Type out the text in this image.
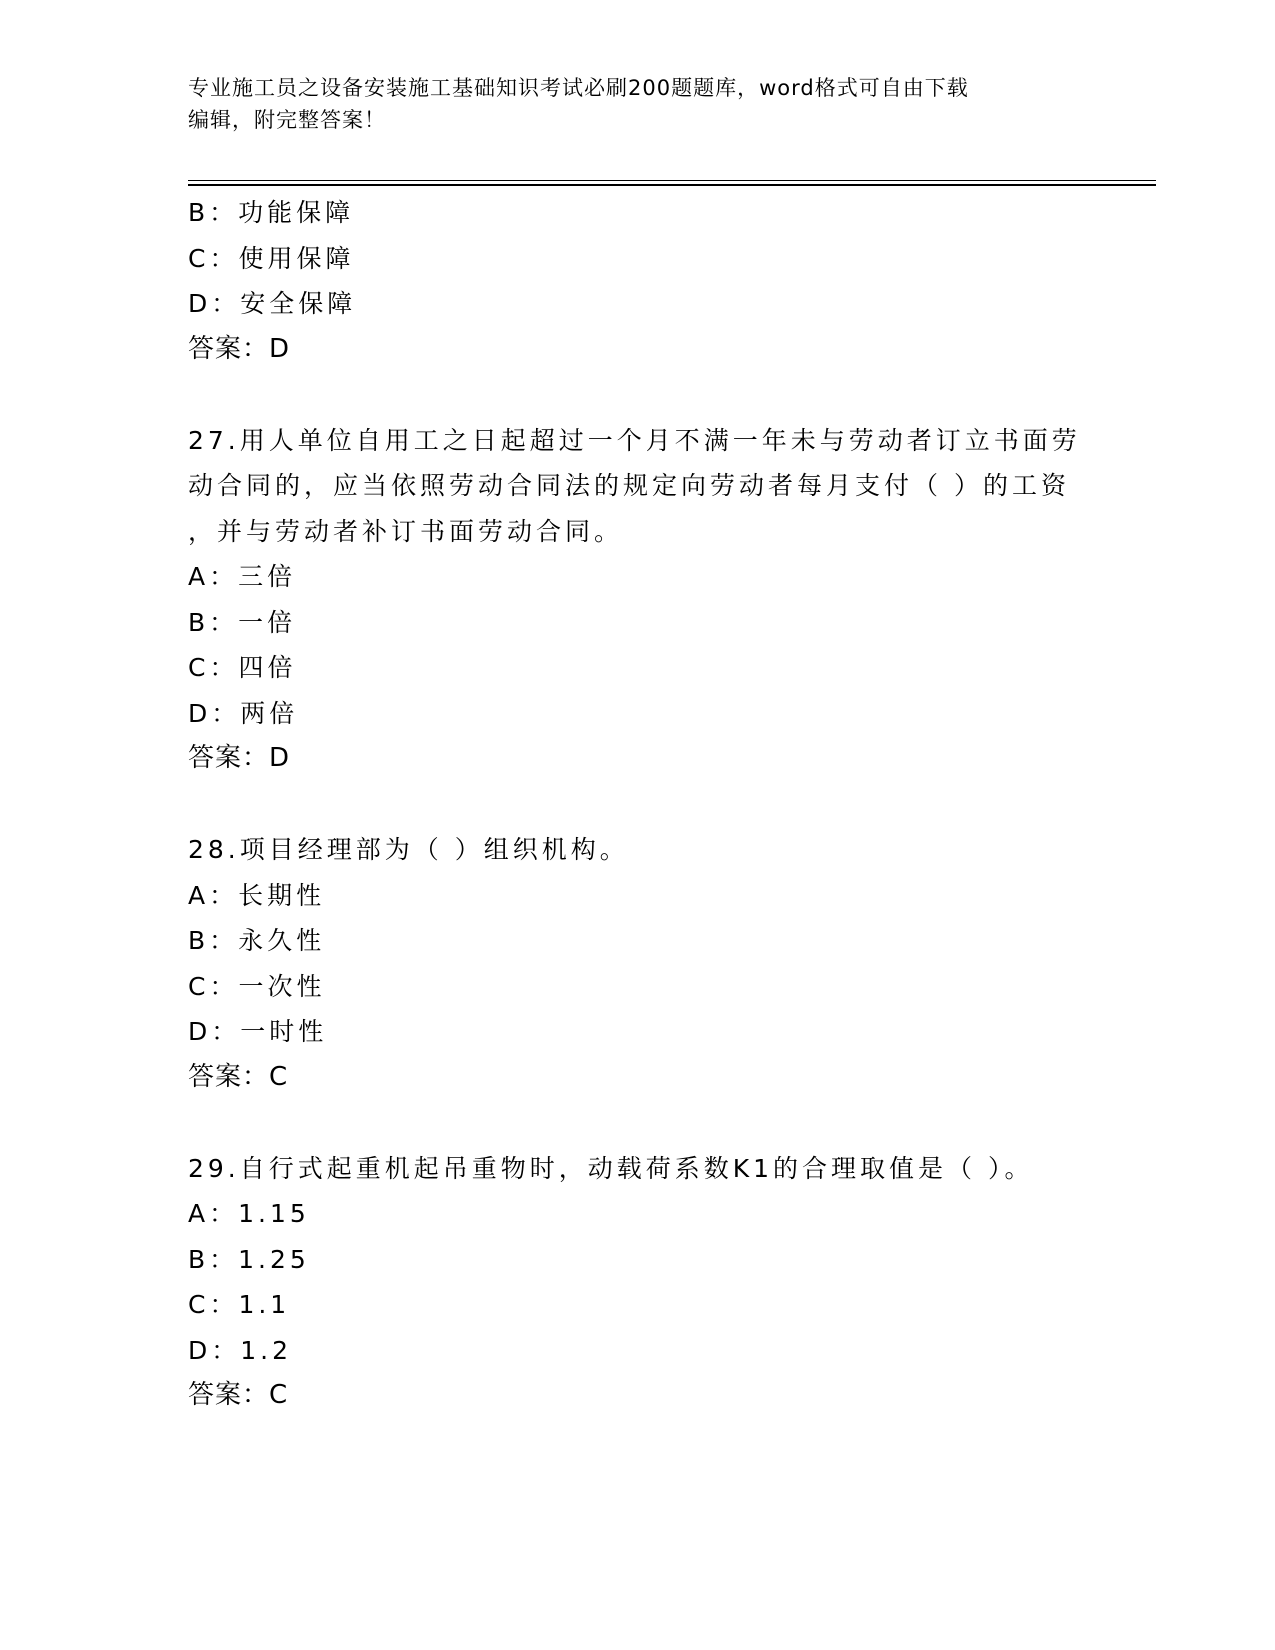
专业施工员之设备安装施工基础知识考试必刷200题题库，word格式可自由下载
编辑，附完整答案！
B：功能保障
C：使用保障
D：安全保障
答案：D
27.用人单位自用工之日起超过一个月不满一年未与劳动者订立书面劳
动合同的，应当依照劳动合同法的规定向劳动者每月支付（ ）的工资
，并与劳动者补订书面劳动合同。
A：三倍
B：一倍
C：四倍
D：两倍
答案：D
28.项目经理部为（ ）组织机构。
A：长期性
B：永久性
C：一次性
D：一时性
答案：C
29.自行式起重机起吊重物时，动载荷系数K1的合理取值是（ ）。
A：1.15
B：1.25
C：1.1
D：1.2
答案：C
